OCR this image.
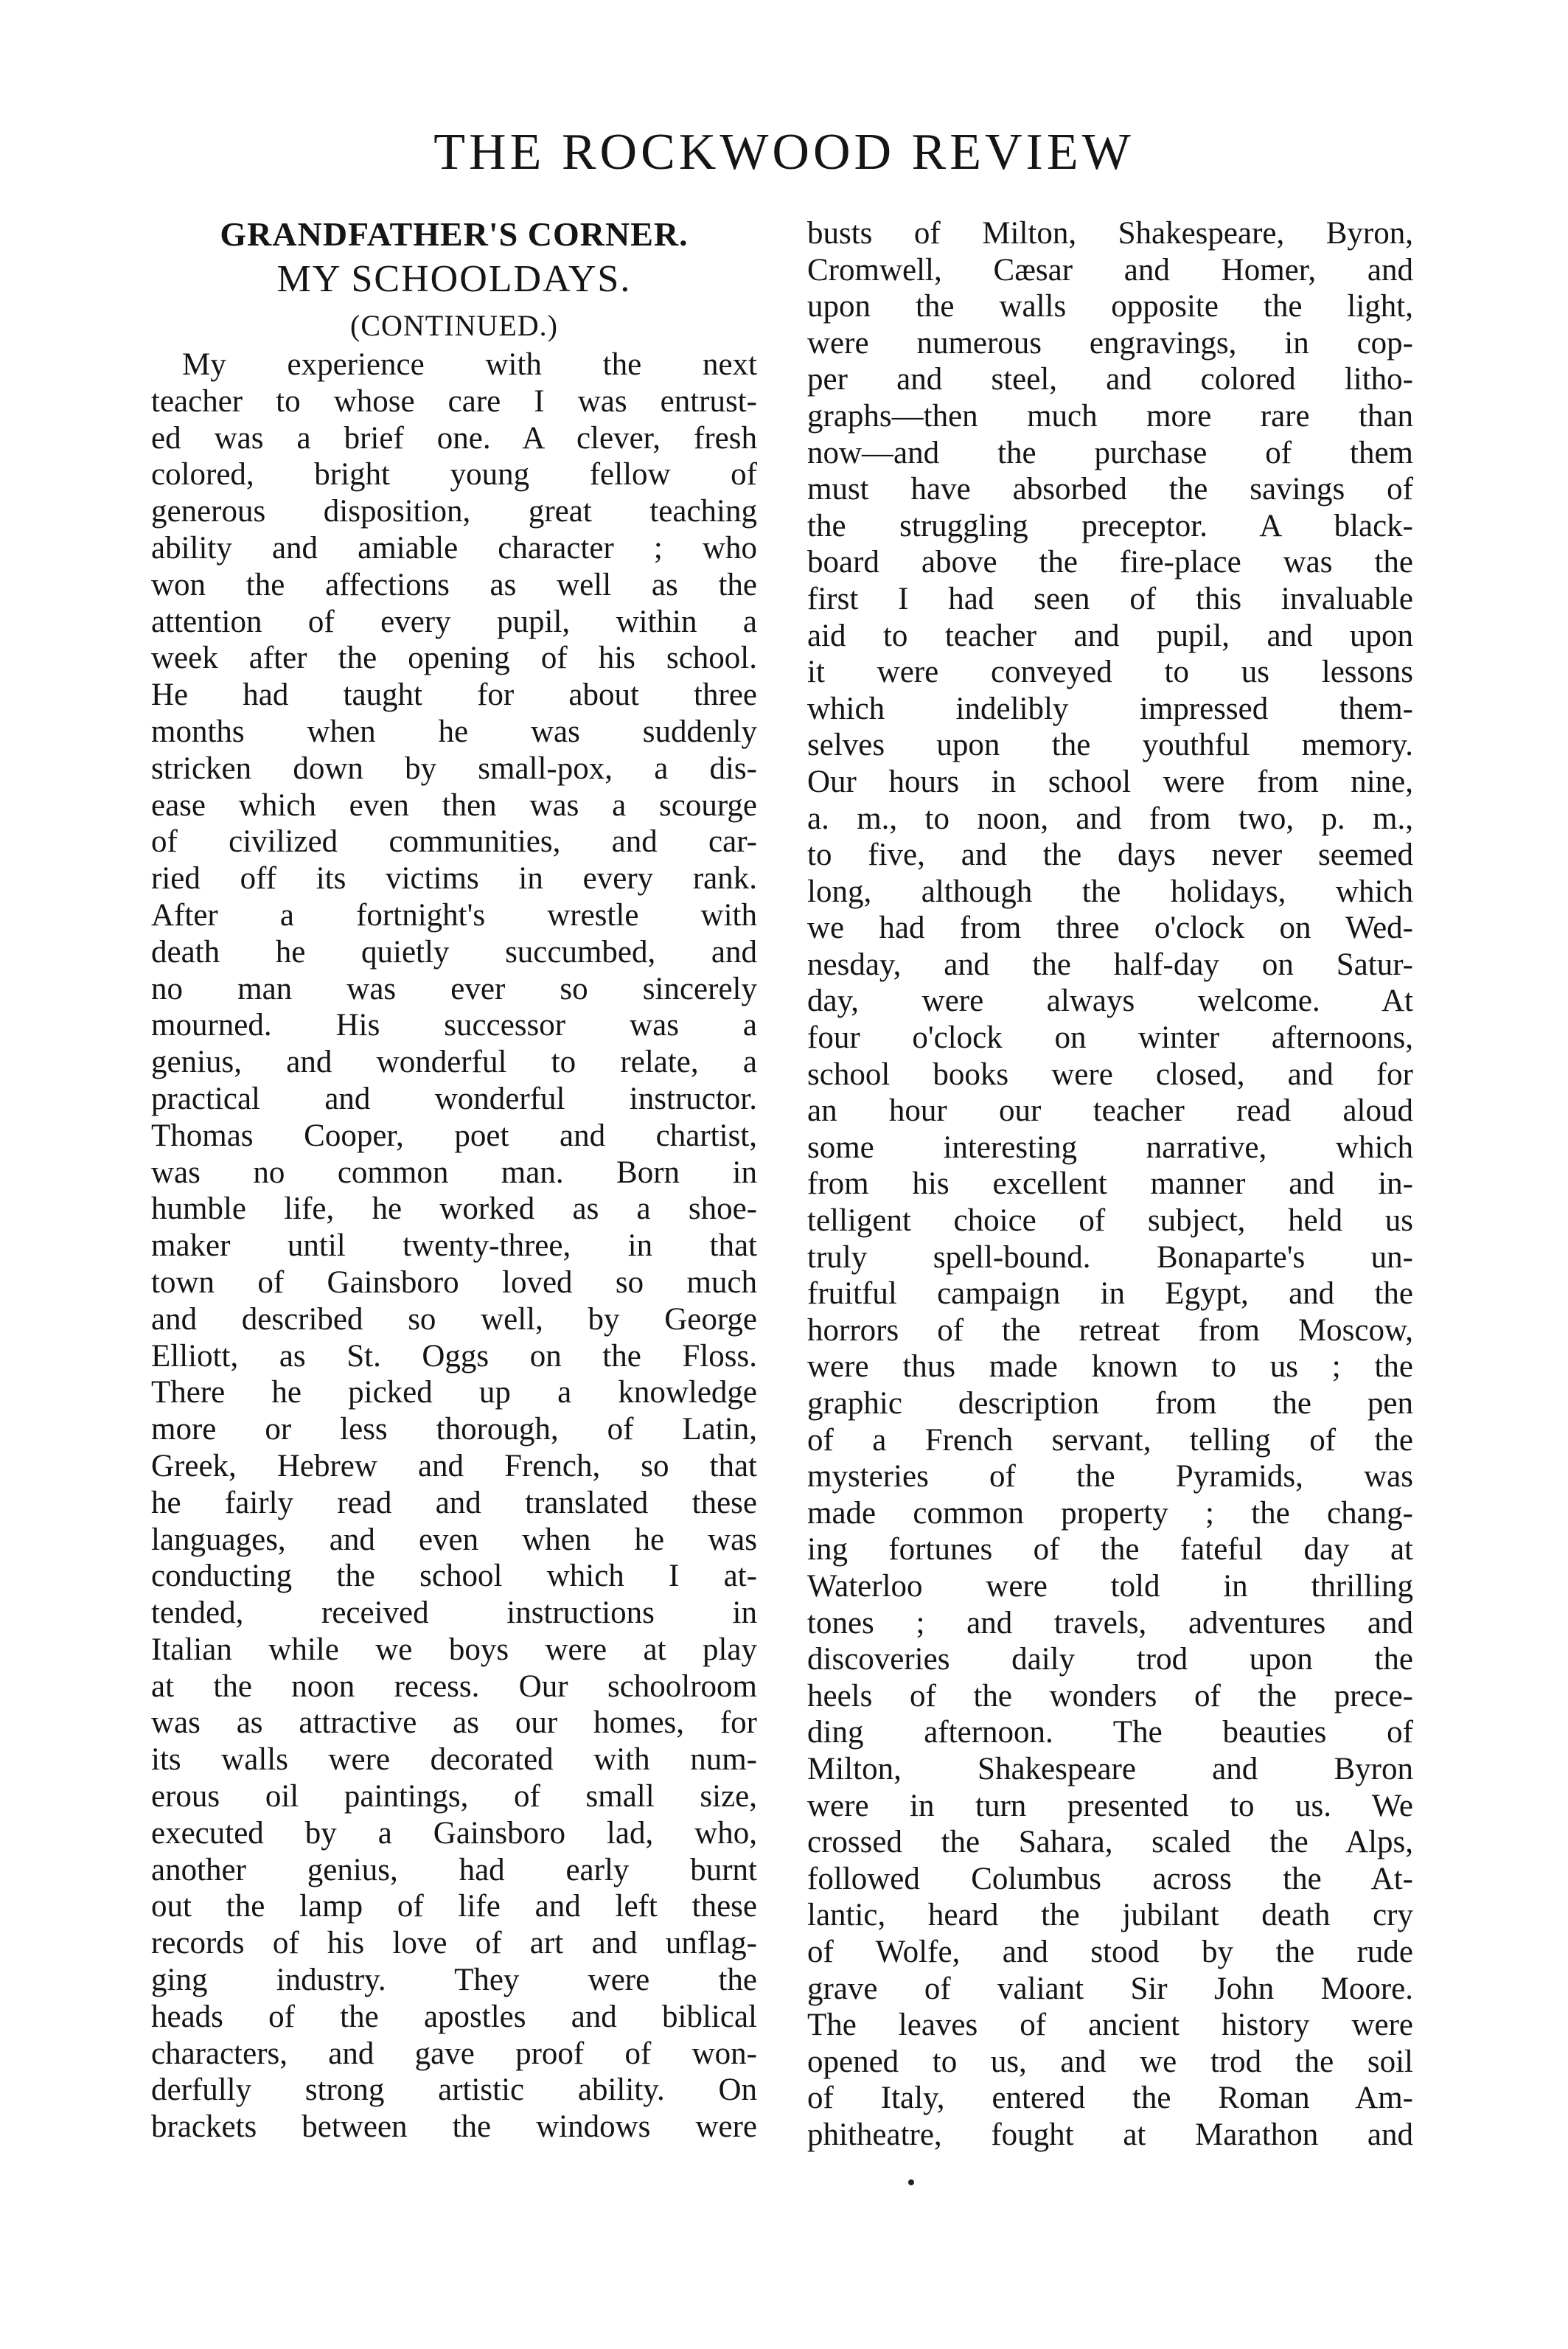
THE ROCKWOOD REVIEW
GRANDFATHER'S CORNER.
MY SCHOOLDAYS.
(CONTINUED.)
My experience with the next
teacher to whose care I was entrust-
ed was a brief one. A clever, fresh
colored, bright young fellow of
generous disposition, great teaching
ability and amiable character ; who
won the affections as well as the
attention of every pupil, within a
week after the opening of his school.
He had taught for about three
months when he was suddenly
stricken down by small-pox, a dis-
ease which even then was a scourge
of civilized communities, and car-
ried off its victims in every rank.
After a fortnight's wrestle with
death he quietly succumbed, and
no man was ever so sincerely
mourned. His successor was a
genius, and wonderful to relate, a
practical and wonderful instructor.
Thomas Cooper, poet and chartist,
was no common man. Born in
humble life, he worked as a shoe-
maker until twenty-three, in that
town of Gainsboro loved so much
and described so well, by George
Elliott, as St. Oggs on the Floss.
There he picked up a knowledge
more or less thorough, of Latin,
Greek, Hebrew and French, so that
he fairly read and translated these
languages, and even when he was
conducting the school which I at-
tended, received instructions in
Italian while we boys were at play
at the noon recess. Our schoolroom
was as attractive as our homes, for
its walls were decorated with num-
erous oil paintings, of small size,
executed by a Gainsboro lad, who,
another genius, had early burnt
out the lamp of life and left these
records of his love of art and unflag-
ging industry. They were the
heads of the apostles and biblical
characters, and gave proof of won-
derfully strong artistic ability. On
brackets between the windows were
busts of Milton, Shakespeare, Byron,
Cromwell, Cæsar and Homer, and
upon the walls opposite the light,
were numerous engravings, in cop-
per and steel, and colored litho-
graphs—then much more rare than
now—and the purchase of them
must have absorbed the savings of
the struggling preceptor. A black-
board above the fire-place was the
first I had seen of this invaluable
aid to teacher and pupil, and upon
it were conveyed to us lessons
which indelibly impressed them-
selves upon the youthful memory.
Our hours in school were from nine,
a. m., to noon, and from two, p. m.,
to five, and the days never seemed
long, although the holidays, which
we had from three o'clock on Wed-
nesday, and the half-day on Satur-
day, were always welcome. At
four o'clock on winter afternoons,
school books were closed, and for
an hour our teacher read aloud
some interesting narrative, which
from his excellent manner and in-
telligent choice of subject, held us
truly spell-bound. Bonaparte's un-
fruitful campaign in Egypt, and the
horrors of the retreat from Moscow,
were thus made known to us ; the
graphic description from the pen
of a French servant, telling of the
mysteries of the Pyramids, was
made common property ; the chang-
ing fortunes of the fateful day at
Waterloo were told in thrilling
tones ; and travels, adventures and
discoveries daily trod upon the
heels of the wonders of the prece-
ding afternoon. The beauties of
Milton, Shakespeare and Byron
were in turn presented to us. We
crossed the Sahara, scaled the Alps,
followed Columbus across the At-
lantic, heard the jubilant death cry
of Wolfe, and stood by the rude
grave of valiant Sir John Moore.
The leaves of ancient history were
opened to us, and we trod the soil
of Italy, entered the Roman Am-
phitheatre, fought at Marathon and
